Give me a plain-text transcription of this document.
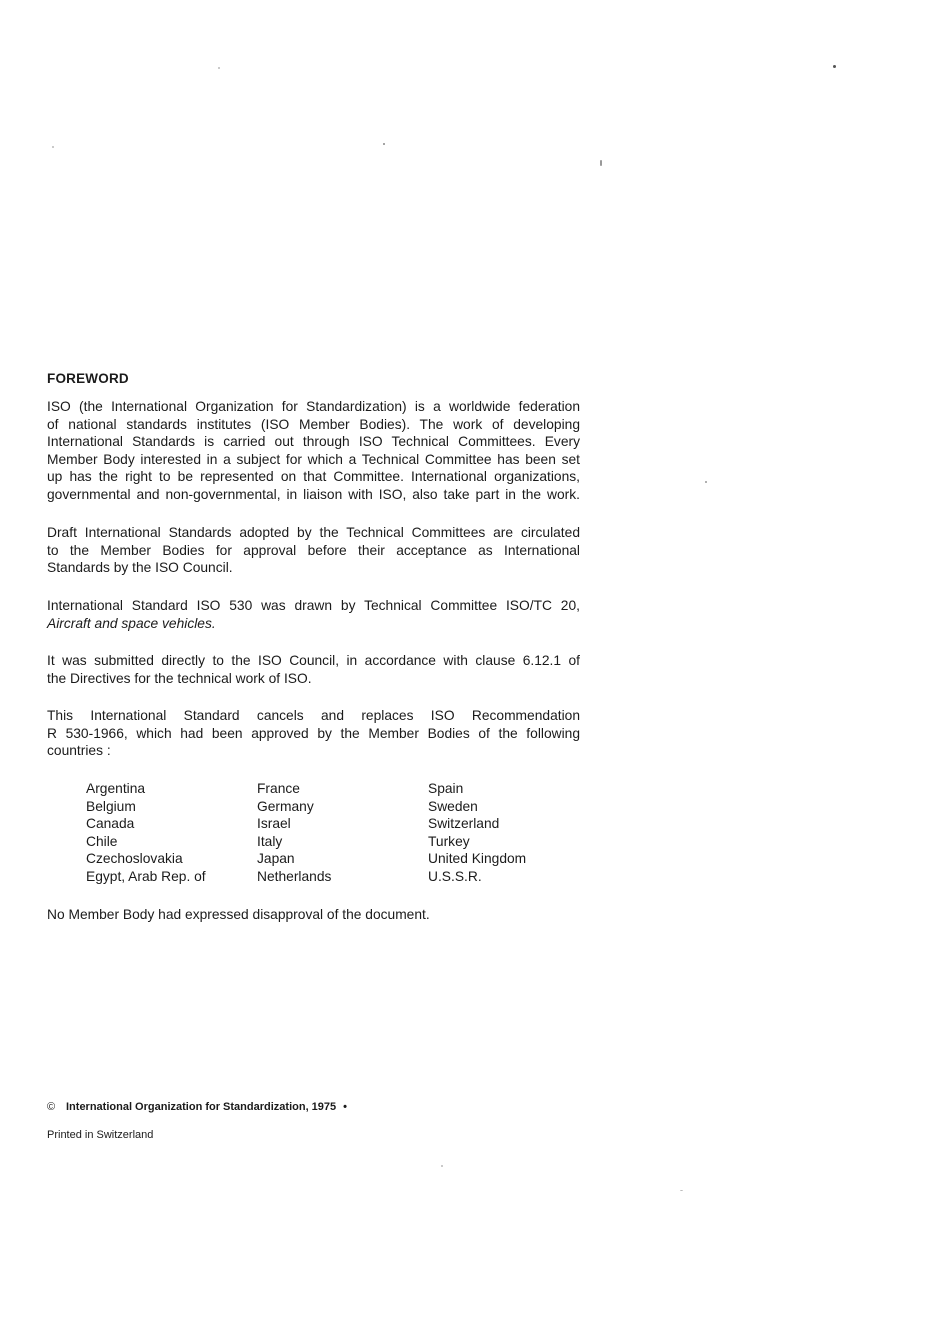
FOREWORD
ISO (the International Organization for Standardization) is a worldwide federation
of national standards institutes (ISO Member Bodies). The work of developing
International Standards is carried out through ISO Technical Committees. Every
Member Body interested in a subject for which a Technical Committee has been set
up has the right to be represented on that Committee. International organizations,
governmental and non-governmental, in liaison with ISO, also take part in the work.
Draft International Standards adopted by the Technical Committees are circulated
to the Member Bodies for approval before their acceptance as International
Standards by the ISO Council.
International Standard ISO 530 was drawn by Technical Committee ISO/TC 20,
Aircraft and space vehicles.
It was submitted directly to the ISO Council, in accordance with clause 6.12.1 of
the Directives for the technical work of ISO.
This International Standard cancels and replaces ISO Recommendation
R 530-1966, which had been approved by the Member Bodies of the following
countries :
Argentina
Belgium
Canada
Chile
Czechoslovakia
Egypt, Arab Rep. of
France
Germany
Israel
Italy
Japan
Netherlands
Spain
Sweden
Switzerland
Turkey
United Kingdom
U.S.S.R.
No Member Body had expressed disapproval of the document.
© International Organization for Standardization, 1975 •
Printed in Switzerland
